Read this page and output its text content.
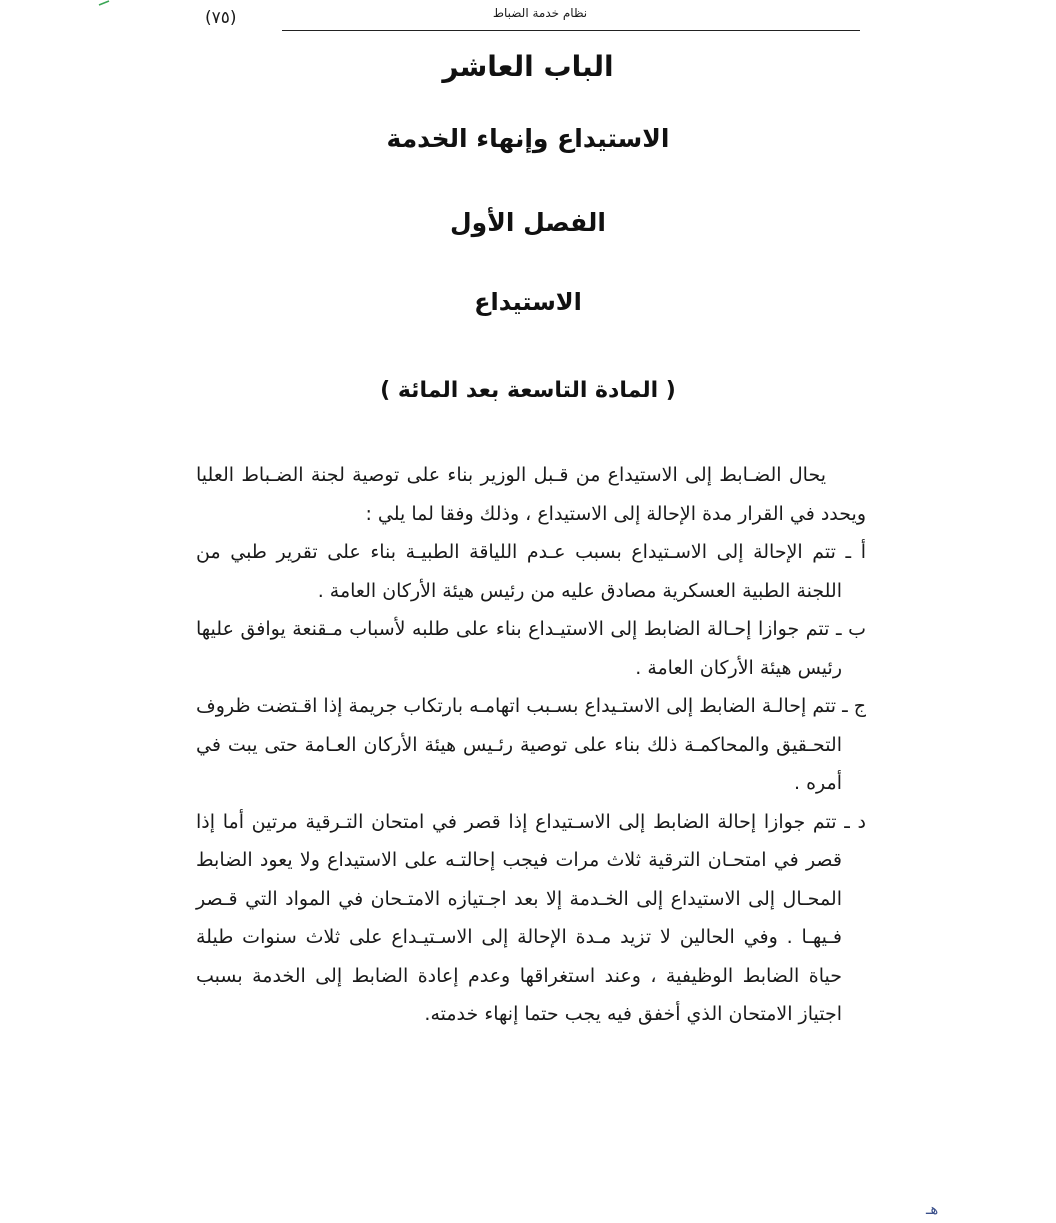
(٧٥)	نظام خدمة الضباط
الباب العاشر
الاستيداع وإنهاء الخدمة
الفصل الأول
الاستيداع
( المادة التاسعة بعد المائة )

يحال الضـابط إلى الاستيداع من قـبل الوزير بناء على توصية لجنة الضـباط العليا ويحدد في القرار مدة الإحالة إلى الاستيداع ، وذلك وفقا لما يلي :

أ ـ تتم الإحالة إلى الاسـتيداع بسبب عـدم اللياقة الطبيـة بناء على تقرير طبي من اللجنة الطبية العسكرية مصادق عليه من رئيس هيئة الأركان العامة .

ب ـ تتم جوازا إحـالة الضابط إلى الاستيـداع بناء على طلبه لأسباب مـقنعة يوافق عليها رئيس هيئة الأركان العامة .

ج ـ تتم إحالـة الضابط إلى الاستـيداع بسـبب اتهامـه بارتكاب جريمة إذا اقـتضت ظروف التحـقيق والمحاكمـة ذلك بناء على توصية رئـيس هيئة الأركان العـامة حتى يبت في أمره .

د ـ تتم جوازا إحالة الضابط إلى الاسـتيداع إذا قصر في امتحان التـرقية مرتين أما إذا قصر في امتحـان الترقية ثلاث مرات فيجب إحالتـه على الاستيداع ولا يعود الضابط المحـال إلى الاستيداع إلى الخـدمة إلا بعد اجـتيازه الامتـحان في المواد التي قـصر فـيهـا . وفي الحالين لا تزيد مـدة الإحالة إلى الاسـتيـداع على ثلاث سنوات طيلة حياة الضابط الوظيفية ، وعند استغراقها وعدم إعادة الضابط إلى الخدمة بسبب اجتياز الامتحان الذي أخفق فيه يجب حتما إنهاء خدمته.

هـ
